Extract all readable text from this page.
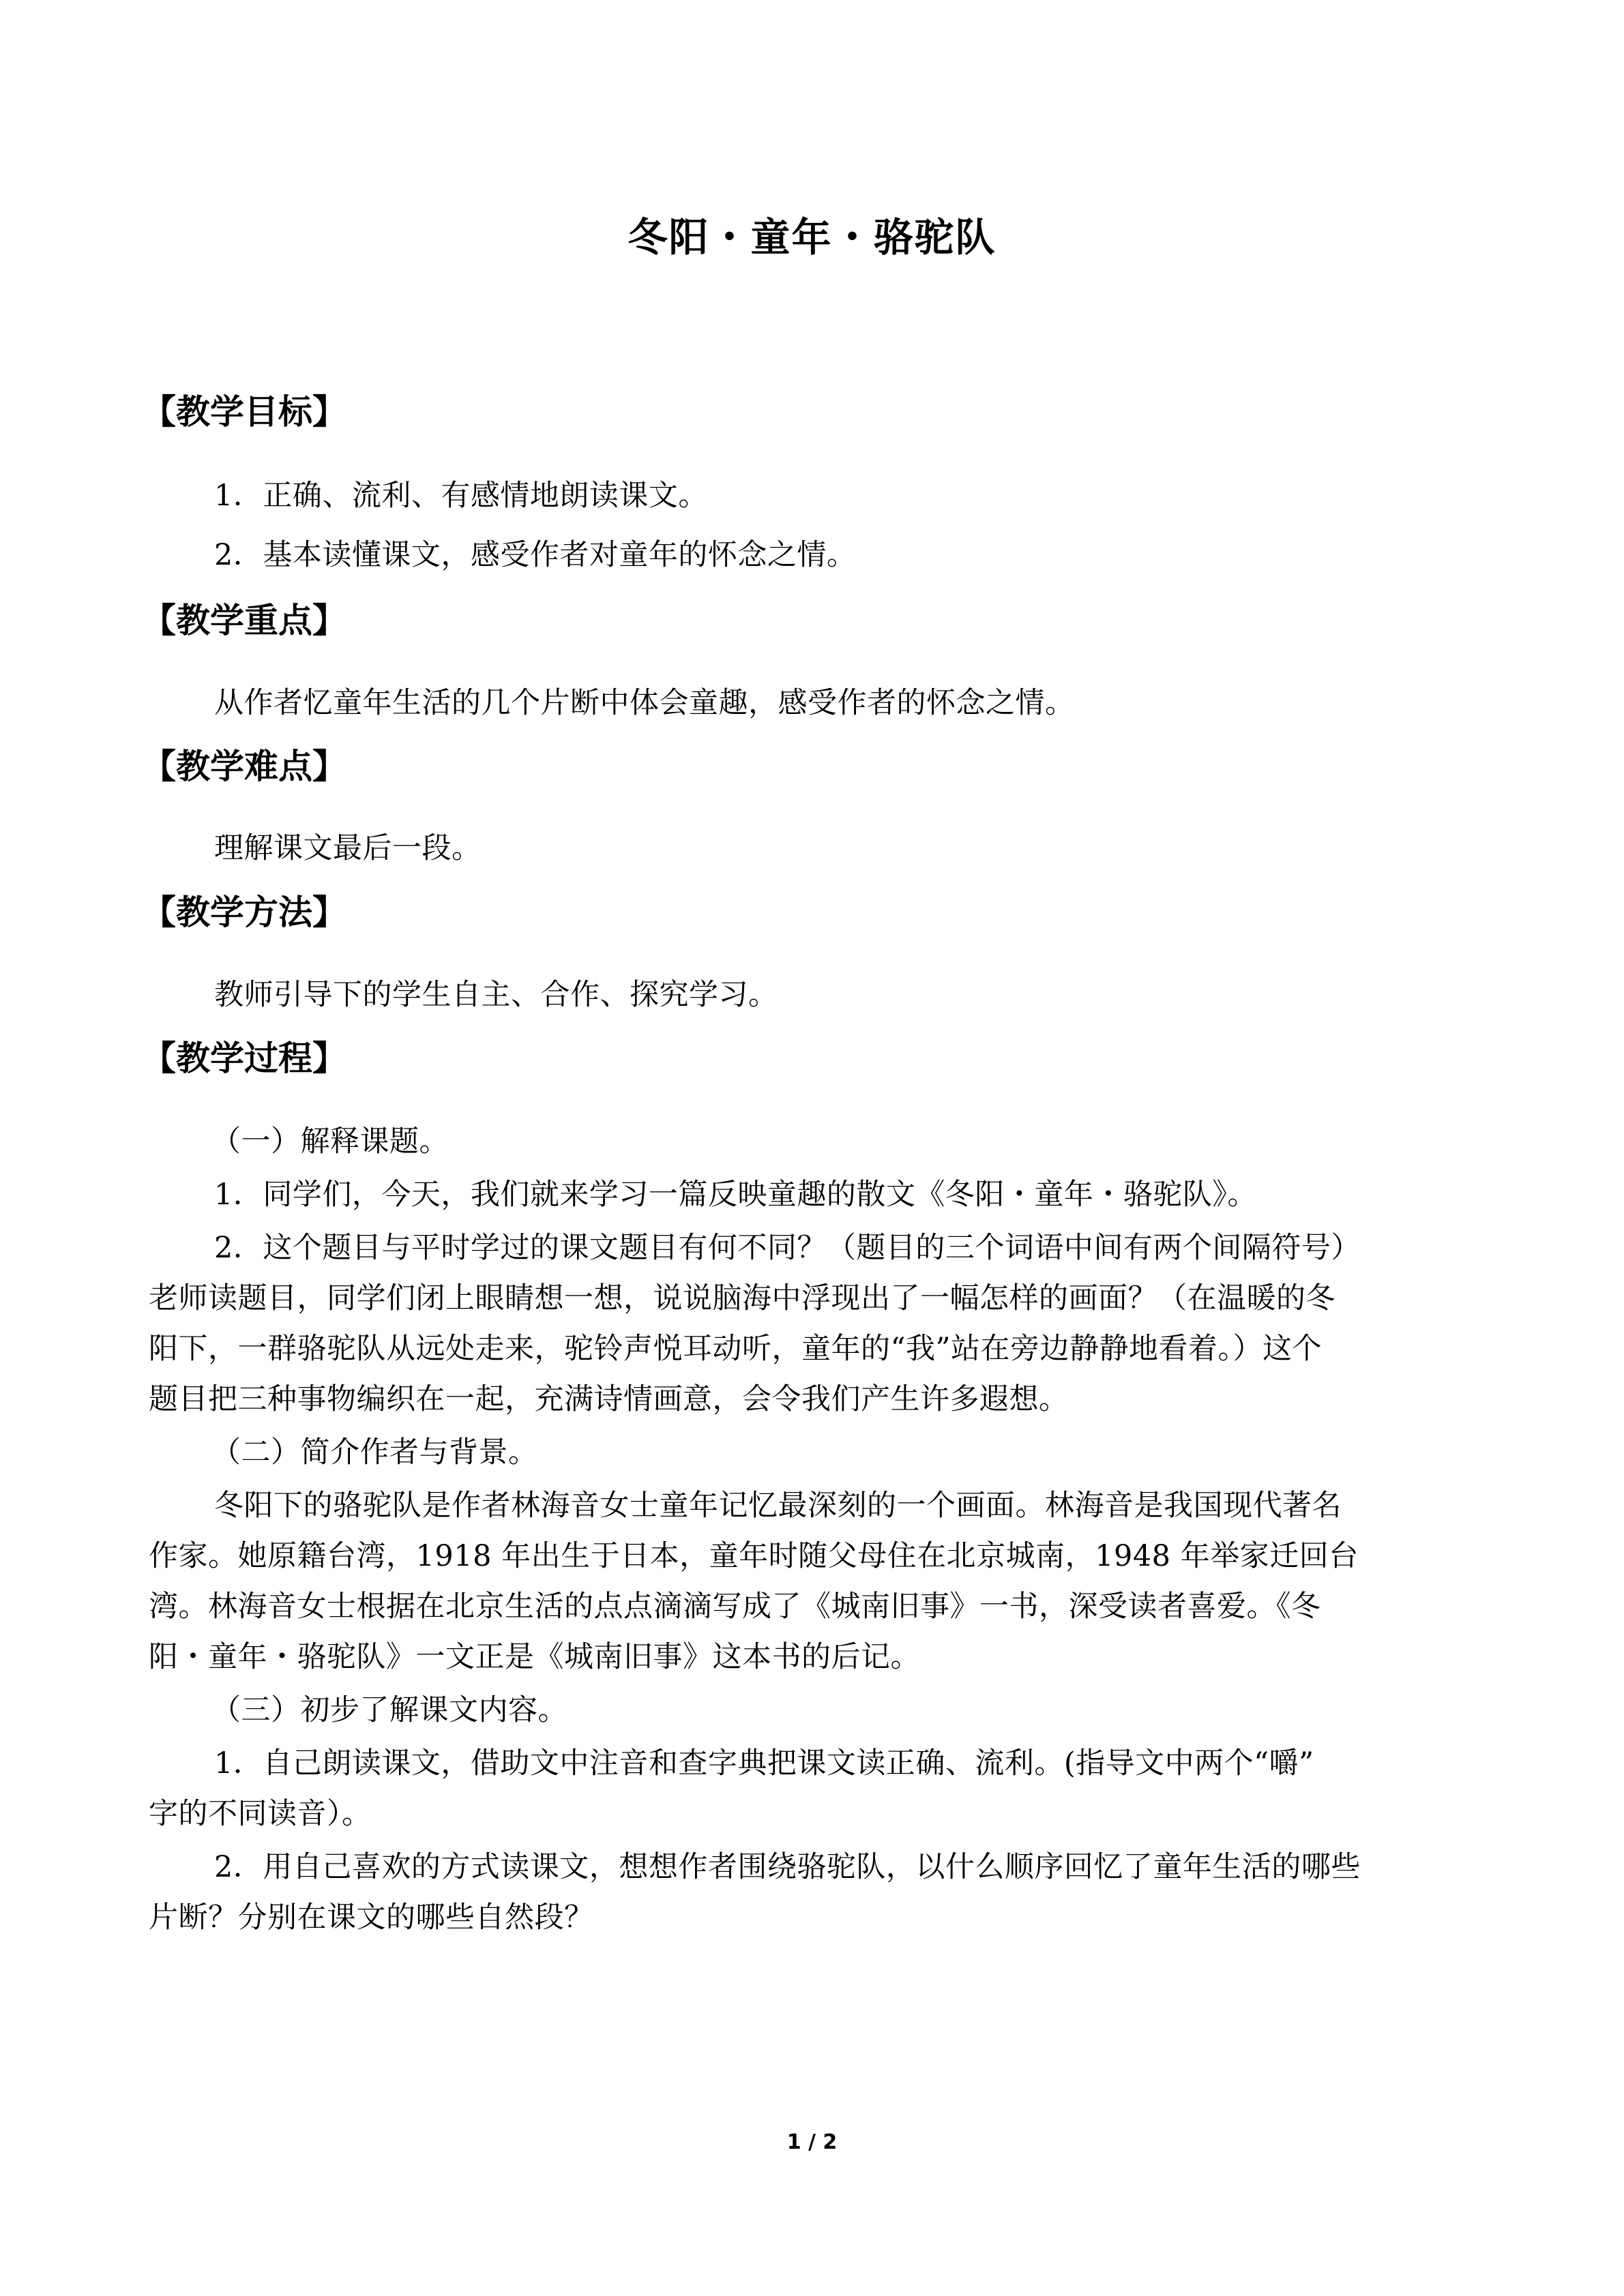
冬阳・童年・骆驼队
【教学目标】
1．正确、流利、有感情地朗读课文。
2．基本读懂课文，感受作者对童年的怀念之情。
【教学重点】
从作者忆童年生活的几个片断中体会童趣，感受作者的怀念之情。
【教学难点】
理解课文最后一段。
【教学方法】
教师引导下的学生自主、合作、探究学习。
【教学过程】
（一）解释课题。
1．同学们，今天，我们就来学习一篇反映童趣的散文《冬阳・童年・骆驼队》。
2．这个题目与平时学过的课文题目有何不同？（题目的三个词语中间有两个间隔符号）
老师读题目，同学们闭上眼睛想一想，说说脑海中浮现出了一幅怎样的画面？（在温暖的冬
阳下，一群骆驼队从远处走来，驼铃声悦耳动听，童年的“我”站在旁边静静地看着。）这个
题目把三种事物编织在一起，充满诗情画意，会令我们产生许多遐想。
（二）简介作者与背景。
冬阳下的骆驼队是作者林海音女士童年记忆最深刻的一个画面。林海音是我国现代著名
作家。她原籍台湾，1918 年出生于日本，童年时随父母住在北京城南，1948 年举家迁回台
湾。林海音女士根据在北京生活的点点滴滴写成了《城南旧事》一书，深受读者喜爱。《冬
阳・童年・骆驼队》一文正是《城南旧事》这本书的后记。
（三）初步了解课文内容。
1．自己朗读课文，借助文中注音和查字典把课文读正确、流利。(指导文中两个“嚼”
字的不同读音）。
2．用自己喜欢的方式读课文，想想作者围绕骆驼队，以什么顺序回忆了童年生活的哪些
片断？分别在课文的哪些自然段？
1 / 2
